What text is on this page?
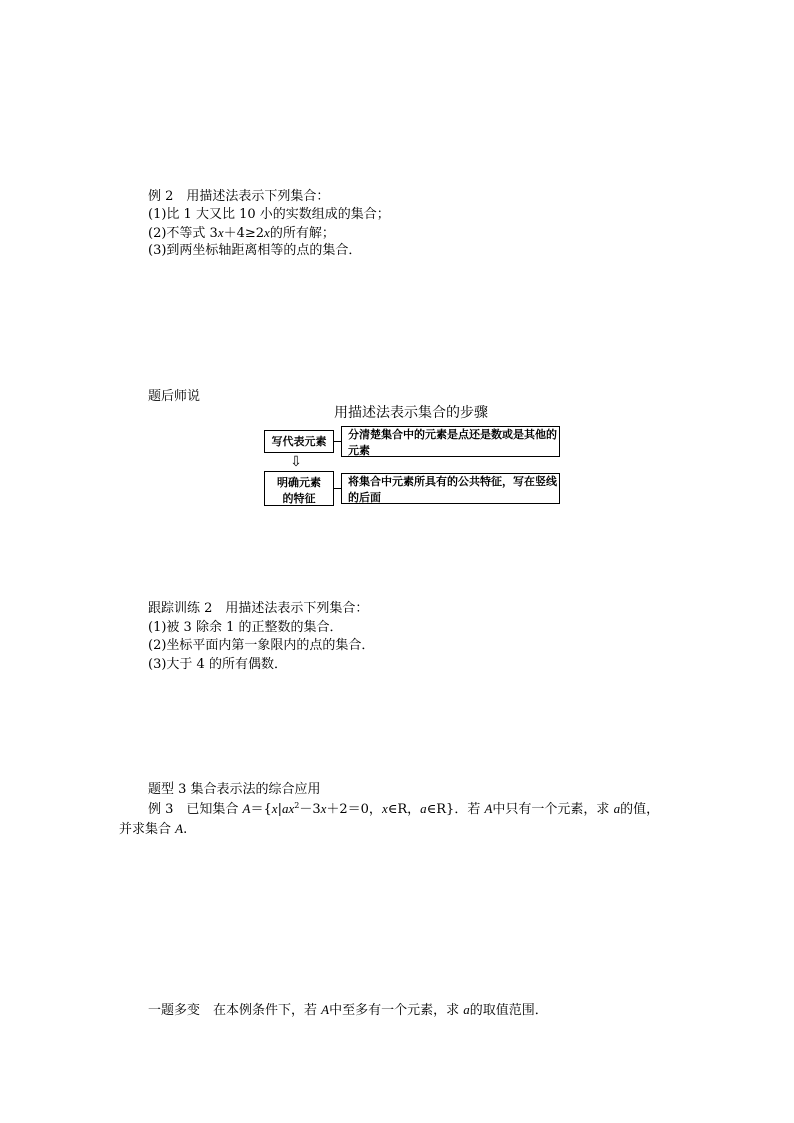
例 2　用描述法表示下列集合：
(1)比 1 大又比 10 小的实数组成的集合；
(2)不等式 3x＋4≥2x的所有解；
(3)到两坐标轴距离相等的点的集合．
题后师说
用描述法表示集合的步骤
写代表元素
分清楚集合中的元素是点还是数或是其他的元素
⇩
明确元素的特征
将集合中元素所具有的公共特征，写在竖线的后面
跟踪训练 2　用描述法表示下列集合：
(1)被 3 除余 1 的正整数的集合．
(2)坐标平面内第一象限内的点的集合．
(3)大于 4 的所有偶数．
题型 3 集合表示法的综合应用
例 3　已知集合 $A=\{x|ax^2-3x+2=0$，x∈R，a∈R}．若 A中只有一个元素，求 a的值，
并求集合 A.
一题多变　在本例条件下，若 A中至多有一个元素，求 a的取值范围．
